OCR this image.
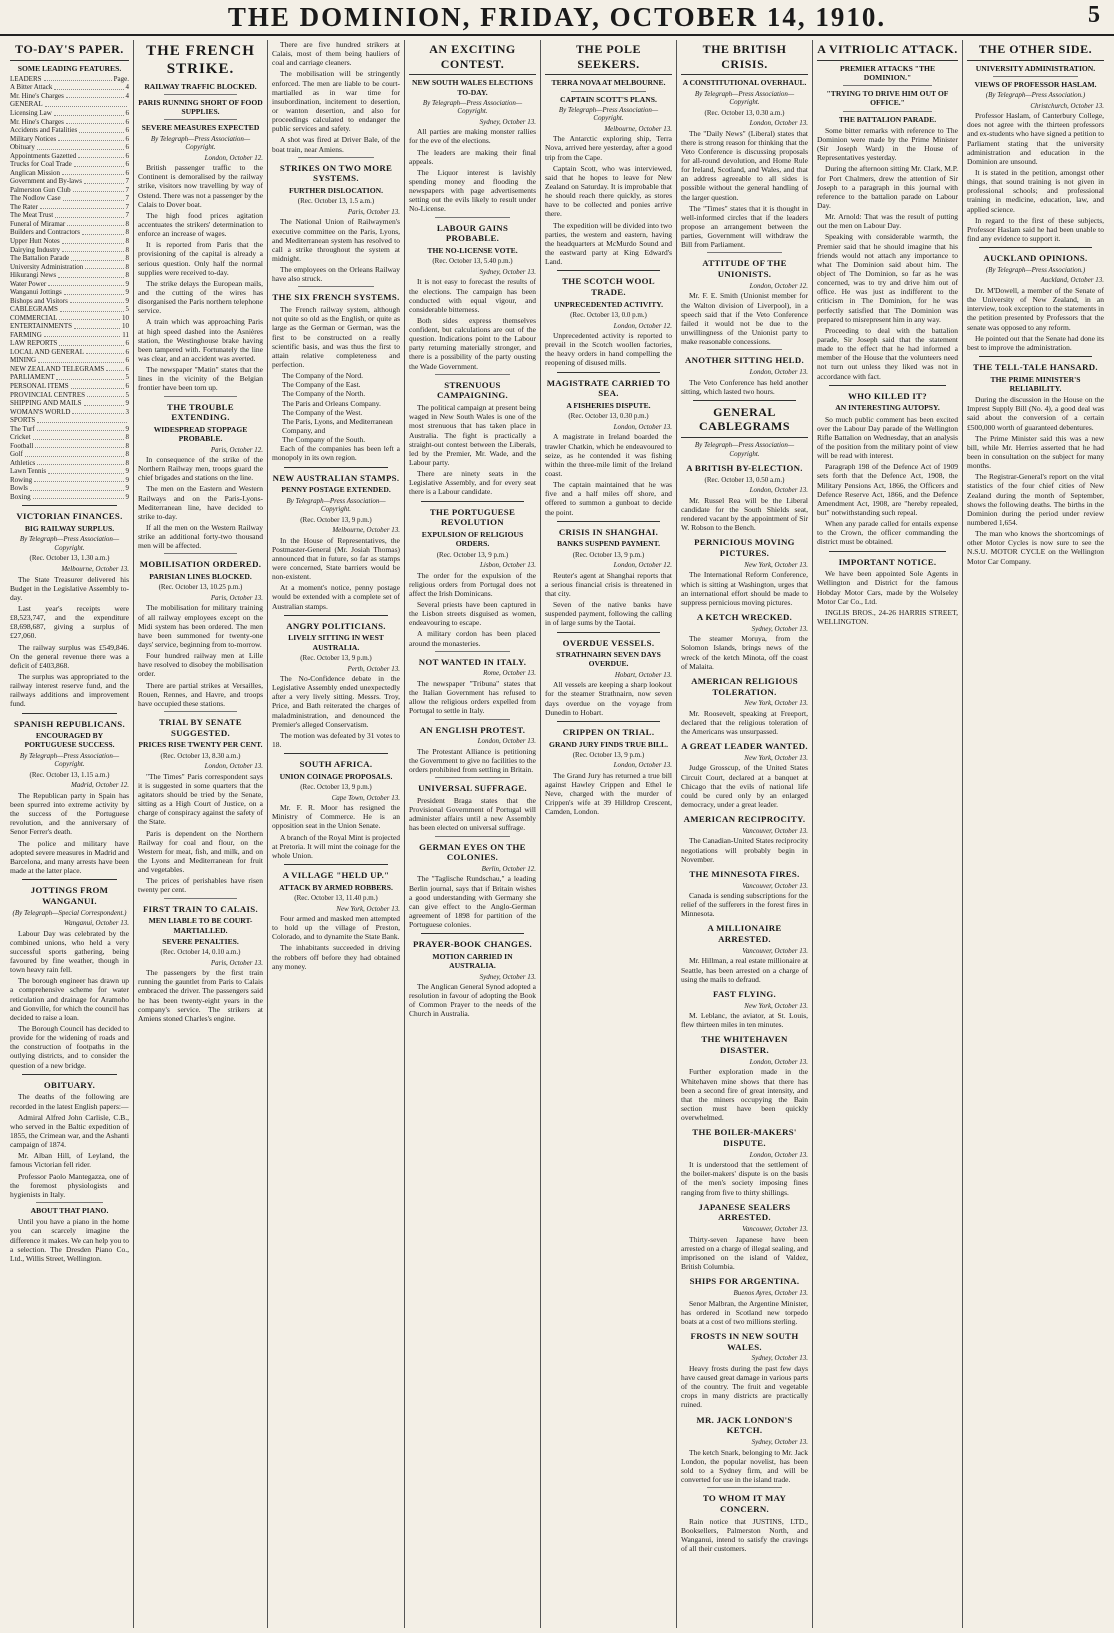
THE DOMINION, FRIDAY, OCTOBER 14, 1910.	5
TO-DAY'S PAPER.
SOME LEADING FEATURES.
LEADERS	Page.
A Bitter Attack	4
Mr. Hine's Charges	4
GENERAL
Licensing Law	6
Mr. Hine's Charges	6
Accidents and Fatalities	6
Military Notices	6
Obituary	6
Appointments Gazetted	6
Trucks for Coal Trade	6
Anglican Mission	6
Government and By-laws	7
Palmerston Gun Club	7
The Nodlow Case	7
The Rater	7
The Meat Trust	7
Funeral of Miramar	8
Builders and Contractors	8
Upper Hutt Notes	8
Dairying Industry	8
The Battalion Parade	8
University Administration	8
Hikurangi News	8
Water Power	9
Wanganui Jottings	9
Bishops and Visitors	9
CABLEGRAMS	5
COMMERCIAL	10
ENTERTAINMENTS	10
FARMING	11
LAW REPORTS	6
LOCAL AND GENERAL	6
MINING	6
NEW ZEALAND TELEGRAMS	6
PARLIAMENT	5
PERSONAL ITEMS	6
PROVINCIAL CENTRES	5
SHIPPING AND MAILS	9
WOMAN'S WORLD	3
SPORTS
The Turf	9
Cricket	8
Football	8
Golf	8
Athletics	8
Lawn Tennis	9
Rowing	9
Bowls	9
Boxing	9
VICTORIAN FINANCES.
BIG RAILWAY SURPLUS.
By Telegraph—Press Association—Copyright.
(Rec. October 13, 1.30 a.m.)
Melbourne, October 13.

The State Treasurer delivered his Budget in the Legislative Assembly to-day.

Last year's receipts were £8,523,747, and the expenditure £8,698,687, giving a surplus of £27,060.

The railway surplus was £549,846. On the general revenue there was a deficit of £403,868.

The surplus was appropriated to the railway interest reserve fund, and the railways additions and improvement fund.

SPANISH REPUBLICANS.
ENCOURAGED BY PORTUGUESE SUCCESS.
By Telegraph—Press Association—Copyright.
(Rec. October 13, 1.15 a.m.)
Madrid, October 12.

The Republican party in Spain has been spurred into extreme activity by the success of the Portuguese revolution, and the anniversary of Senor Ferrer's death.

The police and military have adopted severe measures in Madrid and Barcelona, and many arrests have been made at the latter place.

JOTTINGS FROM WANGANUI.
(By Telegraph—Special Correspondent.)
Wanganui, October 13.

Labour Day was celebrated by the combined unions, who held a very successful sports gathering, being favoured by fine weather, though in town heavy rain fell.

The borough engineer has drawn up a comprehensive scheme for water reticulation and drainage for Aramoho and Gonville, for which the council has decided to raise a loan.

The Borough Council has decided to provide for the widening of roads and the construction of footpaths in the outlying districts, and to consider the question of a new bridge.

OBITUARY.

The deaths of the following are recorded in the latest English papers:—

Admiral Alfred John Carlisle, C.B., who served in the Baltic expedition of 1855, the Crimean war, and the Ashanti campaign of 1874.

Mr. Alban Hill, of Leyland, the famous Victorian fell rider.

Professor Paolo Mantegazza, one of the foremost physiologists and hygienists in Italy.

ABOUT THAT PIANO.

Until you have a piano in the home you can scarcely imagine the difference it makes. We can help you to a selection. The Dresden Piano Co., Ltd., Willis Street, Wellington.

THE FRENCH STRIKE.
RAILWAY TRAFFIC BLOCKED.
PARIS RUNNING SHORT OF FOOD SUPPLIES.
SEVERE MEASURES EXPECTED
By Telegraph—Press Association—Copyright.
London, October 12.

British passenger traffic to the Continent is demoralised by the railway strike, visitors now travelling by way of Ostend. There was not a passenger by the Calais to Dover boat.

The high food prices agitation accentuates the strikers' determination to enforce an increase of wages.

It is reported from Paris that the provisioning of the capital is already a serious question. Only half the normal supplies were received to-day.

The strike delays the European mails, and the cutting of the wires has disorganised the Paris northern telephone service.

A train which was approaching Paris at high speed dashed into the Asnières station, the Westinghouse brake having been tampered with. Fortunately the line was clear, and an accident was averted.

The newspaper "Matin" states that the lines in the vicinity of the Belgian frontier have been torn up.

THE TROUBLE EXTENDING.
WIDESPREAD STOPPAGE PROBABLE.
Paris, October 12.

In consequence of the strike of the Northern Railway men, troops guard the chief brigades and stations on the line.

The men on the Eastern and Western Railways and on the Paris-Lyons-Mediterranean line, have decided to strike to-day.

If all the men on the Western Railway strike an additional forty-two thousand men will be affected.

MOBILISATION ORDERED.
PARISIAN LINES BLOCKED.
(Rec. October 13, 10.25 p.m.)
Paris, October 13.

The mobilisation for military training of all railway employees except on the Midi system has been ordered. The men have been summoned for twenty-one days' service, beginning from to-morrow.

Four hundred railway men at Lille have resolved to disobey the mobilisation order.

There are partial strikes at Versailles, Rouen, Rennes, and Havre, and troops have occupied these stations.

TRIAL BY SENATE SUGGESTED.
PRICES RISE TWENTY PER CENT.
(Rec. October 13, 8.30 a.m.)
London, October 13.

"The Times" Paris correspondent says it is suggested in some quarters that the agitators should be tried by the Senate, sitting as a High Court of Justice, on a charge of conspiracy against the safety of the State.

Paris is dependent on the Northern Railway for coal and flour, on the Western for meat, fish, and milk, and on the Lyons and Mediterranean for fruit and vegetables.

The prices of perishables have risen twenty per cent.

FIRST TRAIN TO CALAIS.
MEN LIABLE TO BE COURT-MARTIALLED.
SEVERE PENALTIES.
(Rec. October 14, 0.10 a.m.)
Paris, October 13.

The passengers by the first train running the gauntlet from Paris to Calais embraced the driver. The passengers said he has been twenty-eight years in the company's service. The strikers at Amiens stoned Charles's engine.

There are five hundred strikers at Calais, most of them being hauliers of coal and carriage cleaners.

The mobilisation will be stringently enforced. The men are liable to be court-martialled as in war time for insubordination, incitement to desertion, or wanton desertion, and also for proceedings calculated to endanger the public services and safety.

A shot was fired at Driver Bale, of the boat train, near Amiens.

STRIKES ON TWO MORE SYSTEMS.
FURTHER DISLOCATION.
(Rec. October 13, 1.5 a.m.)
Paris, October 13.

The National Union of Railwaymen's executive committee on the Paris, Lyons, and Mediterranean system has resolved to call a strike throughout the system at midnight.

The employees on the Orleans Railway have also struck.

THE SIX FRENCH SYSTEMS.

The French railway system, although not quite so old as the English, or quite as large as the German or German, was the first to be constructed on a really scientific basis, and was thus the first to attain relative completeness and perfection.

The Company of the Nord.
The Company of the East.
The Company of the North.
The Paris and Orleans Company.
The Company of the West.
The Paris, Lyons, and Mediterranean Company, and
The Company of the South.

Each of the companies has been left a monopoly in its own region.

NEW AUSTRALIAN STAMPS.
PENNY POSTAGE EXTENDED.
By Telegraph—Press Association—Copyright.
(Rec. October 13, 9 p.m.)
Melbourne, October 13.

In the House of Representatives, the Postmaster-General (Mr. Josiah Thomas) announced that in future, so far as stamps were concerned, State barriers would be non-existent.

At a moment's notice, penny postage would be extended with a complete set of Australian stamps.

ANGRY POLITICIANS.
LIVELY SITTING IN WEST AUSTRALIA.
(Rec. October 13, 9 p.m.)
Perth, October 13.

The No-Confidence debate in the Legislative Assembly ended unexpectedly after a very lively sitting. Messrs. Troy, Price, and Bath reiterated the charges of maladministration, and denounced the Premier's alleged Conservatism.

The motion was defeated by 31 votes to 18.

SOUTH AFRICA.
UNION COINAGE PROPOSALS.
(Rec. October 13, 9 p.m.)
Cape Town, October 13.

Mr. F. R. Moor has resigned the Ministry of Commerce. He is an opposition seat in the Union Senate.

A branch of the Royal Mint is projected at Pretoria. It will mint the coinage for the whole Union.

A VILLAGE "HELD UP."
ATTACK BY ARMED ROBBERS.
(Rec. October 13, 11.40 p.m.)
New York, October 13.

Four armed and masked men attempted to hold up the village of Preston, Colorado, and to dynamite the State Bank.

The inhabitants succeeded in driving the robbers off before they had obtained any money.

AN EXCITING CONTEST.
NEW SOUTH WALES ELECTIONS TO-DAY.
By Telegraph—Press Association—Copyright.
Sydney, October 13.

All parties are making monster rallies for the eve of the elections.

The leaders are making their final appeals.

The Liquor interest is lavishly spending money and flooding the newspapers with page advertisements setting out the evils likely to result under No-License.

LABOUR GAINS PROBABLE.
THE NO-LICENSE VOTE.
(Rec. October 13, 5.40 p.m.)
Sydney, October 13.

It is not easy to forecast the results of the elections. The campaign has been conducted with equal vigour, and considerable bitterness.

Both sides express themselves confident, but calculations are out of the question. Indications point to the Labour party returning materially stronger, and there is a possibility of the party ousting the Wade Government.

STRENUOUS CAMPAIGNING.

The political campaign at present being waged in New South Wales is one of the most strenuous that has taken place in Australia. The fight is practically a straight-out contest between the Liberals, led by the Premier, Mr. Wade, and the Labour party.

There are ninety seats in the Legislative Assembly, and for every seat there is a Labour candidate.

THE PORTUGUESE REVOLUTION
EXPULSION OF RELIGIOUS ORDERS.
(Rec. October 13, 9 p.m.)
Lisbon, October 13.

The order for the expulsion of the religious orders from Portugal does not affect the Irish Dominicans.

Several priests have been captured in the Lisbon streets disguised as women, endeavouring to escape.

A military cordon has been placed around the monasteries.

NOT WANTED IN ITALY.
Rome, October 13.

The newspaper "Tribuna" states that the Italian Government has refused to allow the religious orders expelled from Portugal to settle in Italy.

AN ENGLISH PROTEST.
London, October 13.

The Protestant Alliance is petitioning the Government to give no facilities to the orders prohibited from settling in Britain.

UNIVERSAL SUFFRAGE.

President Braga states that the Provisional Government of Portugal will administer affairs until a new Assembly has been elected on universal suffrage.

GERMAN EYES ON THE COLONIES.
Berlin, October 12.

The "Taglische Rundschau," a leading Berlin journal, says that if Britain wishes a good understanding with Germany she can give effect to the Anglo-German agreement of 1898 for partition of the Portuguese colonies.

PRAYER-BOOK CHANGES.
MOTION CARRIED IN AUSTRALIA.
Sydney, October 13.

The Anglican General Synod adopted a resolution in favour of adopting the Book of Common Prayer to the needs of the Church in Australia.

THE POLE SEEKERS.
TERRA NOVA AT MELBOURNE.
CAPTAIN SCOTT'S PLANS.
By Telegraph—Press Association—Copyright.
Melbourne, October 13.

The Antarctic exploring ship, Terra Nova, arrived here yesterday, after a good trip from the Cape.

Captain Scott, who was interviewed, said that he hopes to leave for New Zealand on Saturday. It is improbable that he should reach there quickly, as stores have to be collected and ponies arrive there.

The expedition will be divided into two parties, the western and eastern, having the headquarters at McMurdo Sound and the eastward party at King Edward's Land.

THE SCOTCH WOOL TRADE.
UNPRECEDENTED ACTIVITY.
(Rec. October 13, 0.0 p.m.)
London, October 12.

Unprecedented activity is reported to prevail in the Scotch woollen factories, the heavy orders in hand compelling the reopening of disused mills.

MAGISTRATE CARRIED TO SEA.
A FISHERIES DISPUTE.
(Rec. October 13, 0.30 p.m.)
London, October 13.

A magistrate in Ireland boarded the trawler Chatkin, which he endeavoured to seize, as he contended it was fishing within the three-mile limit of the Ireland coast.

The captain maintained that he was five and a half miles off shore, and offered to summon a gunboat to decide the point.

CRISIS IN SHANGHAI.
BANKS SUSPEND PAYMENT.
(Rec. October 13, 9 p.m.)
London, October 12.

Reuter's agent at Shanghai reports that a serious financial crisis is threatened in that city.

Seven of the native banks have suspended payment, following the calling in of large sums by the Taotai.

OVERDUE VESSELS.
STRATHNAIRN SEVEN DAYS OVERDUE.
Hobart, October 13.

All vessels are keeping a sharp lookout for the steamer Strathnairn, now seven days overdue on the voyage from Dunedin to Hobart.

CRIPPEN ON TRIAL.
GRAND JURY FINDS TRUE BILL.
(Rec. October 13, 9 p.m.)
London, October 13.

The Grand Jury has returned a true bill against Hawley Crippen and Ethel le Neve, charged with the murder of Crippen's wife at 39 Hilldrop Crescent, Camden, London.

THE BRITISH CRISIS.
A CONSTITUTIONAL OVERHAUL.
By Telegraph—Press Association—Copyright.
(Rec. October 13, 0.30 a.m.)
London, October 13.

The "Daily News" (Liberal) states that there is strong reason for thinking that the Veto Conference is discussing proposals for all-round devolution, and Home Rule for Ireland, Scotland, and Wales, and that an address agreeable to all sides is possible without the general handling of the larger question.

The "Times" states that it is thought in well-informed circles that if the leaders propose an arrangement between the parties, Government will withdraw the Bill from Parliament.

ATTITUDE OF THE UNIONISTS.
London, October 12.

Mr. F. E. Smith (Unionist member for the Walton division of Liverpool), in a speech said that if the Veto Conference failed it would not be due to the unwillingness of the Unionist party to make reasonable concessions.

ANOTHER SITTING HELD.
London, October 13.

The Veto Conference has held another sitting, which lasted two hours.

GENERAL CABLEGRAMS
By Telegraph—Press Association—Copyright.
A BRITISH BY-ELECTION.
(Rec. October 13, 0.50 a.m.)
London, October 13.

Mr. Russel Rea will be the Liberal candidate for the South Shields seat, rendered vacant by the appointment of Sir W. Robson to the Bench.

PERNICIOUS MOVING PICTURES.
New York, October 13.

The International Reform Conference, which is sitting at Washington, urges that an international effort should be made to suppress pernicious moving pictures.

A KETCH WRECKED.
Sydney, October 13.

The steamer Moruya, from the Solomon Islands, brings news of the wreck of the ketch Minota, off the coast of Malaita.

AMERICAN RELIGIOUS TOLERATION.
New York, October 13.

Mr. Roosevelt, speaking at Freeport, declared that the religious toleration of the Americans was unsurpassed.

A GREAT LEADER WANTED.
New York, October 13.

Judge Grosscup, of the United States Circuit Court, declared at a banquet at Chicago that the evils of national life could be cured only by an enlarged democracy, under a great leader.

AMERICAN RECIPROCITY.
Vancouver, October 13.

The Canadian-United States reciprocity negotiations will probably begin in November.

THE MINNESOTA FIRES.
Vancouver, October 13.

Canada is sending subscriptions for the relief of the sufferers in the forest fires in Minnesota.

A MILLIONAIRE ARRESTED.
Vancouver, October 13.

Mr. Hillman, a real estate millionaire at Seattle, has been arrested on a charge of using the mails to defraud.

FAST FLYING.
New York, October 13.

M. Leblanc, the aviator, at St. Louis, flew thirteen miles in ten minutes.

THE WHITEHAVEN DISASTER.
London, October 13.

Further exploration made in the Whitehaven mine shows that there has been a second fire of great intensity, and that the miners occupying the Bain section must have been quickly overwhelmed.

THE BOILER-MAKERS' DISPUTE.
London, October 13.

It is understood that the settlement of the boiler-makers' dispute is on the basis of the men's society imposing fines ranging from five to thirty shillings.

JAPANESE SEALERS ARRESTED.
Vancouver, October 13.

Thirty-seven Japanese have been arrested on a charge of illegal sealing, and imprisoned on the island of Valdez, British Columbia.

SHIPS FOR ARGENTINA.
Buenos Ayres, October 13.

Senor Malbran, the Argentine Minister, has ordered in Scotland new torpedo boats at a cost of two millions sterling.

FROSTS IN NEW SOUTH WALES.
Sydney, October 13.

Heavy frosts during the past few days have caused great damage in various parts of the country. The fruit and vegetable crops in many districts are practically ruined.

MR. JACK LONDON'S KETCH.
Sydney, October 13.

The ketch Snark, belonging to Mr. Jack London, the popular novelist, has been sold to a Sydney firm, and will be converted for use in the island trade.

TO WHOM IT MAY CONCERN.

Rain notice that JUSTINS, LTD., Booksellers, Palmerston North, and Wanganui, intend to satisfy the cravings of all their customers.

A VITRIOLIC ATTACK.
PREMIER ATTACKS "THE DOMINION."
"TRYING TO DRIVE HIM OUT OF OFFICE."
THE BATTALION PARADE.

Some bitter remarks with reference to The Dominion were made by the Prime Minister (Sir Joseph Ward) in the House of Representatives yesterday.

During the afternoon sitting Mr. Clark, M.P. for Port Chalmers, drew the attention of Sir Joseph to a paragraph in this journal with reference to the battalion parade on Labour Day.

Mr. Arnold: That was the result of putting out the men on Labour Day.

Speaking with considerable warmth, the Premier said that he should imagine that his friends would not attach any importance to what The Dominion said about him. The object of The Dominion, so far as he was concerned, was to try and drive him out of office. He was just as indifferent to the criticism in The Dominion, for he was perfectly satisfied that The Dominion was prepared to misrepresent him in any way.

Proceeding to deal with the battalion parade, Sir Joseph said that the statement made to the effect that he had informed a member of the House that the volunteers need not turn out unless they liked was not in accordance with fact.

WHO KILLED IT?
AN INTERESTING AUTOPSY.

So much public comment has been excited over the Labour Day parade of the Wellington Rifle Battalion on Wednesday, that an analysis of the position from the military point of view will be read with interest.

Paragraph 198 of the Defence Act of 1909 sets forth that the Defence Act, 1908, the Military Pensions Act, 1866, the Officers and Defence Reserve Act, 1866, and the Defence Amendment Act, 1908, are "hereby repealed, but" notwithstanding such repeal.

When any parade called for entails expense to the Crown, the officer commanding the district must be obtained.

IMPORTANT NOTICE.

We have been appointed Sole Agents in Wellington and District for the famous Hobday Motor Cars, made by the Wolseley Motor Car Co., Ltd.

INGLIS BROS., 24-26 HARRIS STREET, WELLINGTON.

THE OTHER SIDE.
UNIVERSITY ADMINISTRATION.
VIEWS OF PROFESSOR HASLAM.
(By Telegraph—Press Association.)
Christchurch, October 13.

Professor Haslam, of Canterbury College, does not agree with the thirteen professors and ex-students who have signed a petition to Parliament stating that the university administration and education in the Dominion are unsound.

It is stated in the petition, amongst other things, that sound training is not given in professional schools; and professional training in medicine, education, law, and applied science.

In regard to the first of these subjects, Professor Haslam said he had been unable to find any evidence to support it.

AUCKLAND OPINIONS.
(By Telegraph—Press Association.)
Auckland, October 13.

Dr. M'Dowell, a member of the Senate of the University of New Zealand, in an interview, took exception to the statements in the petition presented by Professors that the senate was opposed to any reform.

He pointed out that the Senate had done its best to improve the administration.

THE TELL-TALE HANSARD.
THE PRIME MINISTER'S RELIABILITY.

During the discussion in the House on the Imprest Supply Bill (No. 4), a good deal was said about the conversion of a certain £500,000 worth of guaranteed debentures.

The Prime Minister said this was a new bill, while Mr. Herries asserted that he had been in consultation on the subject for many months.

The Registrar-General's report on the vital statistics of the four chief cities of New Zealand during the month of September, shows the following deaths. The births in the Dominion during the period under review numbered 1,654.

The man who knows the shortcomings of other Motor Cycles is now sure to see the N.S.U. MOTOR CYCLE on the Wellington Motor Car Company.
